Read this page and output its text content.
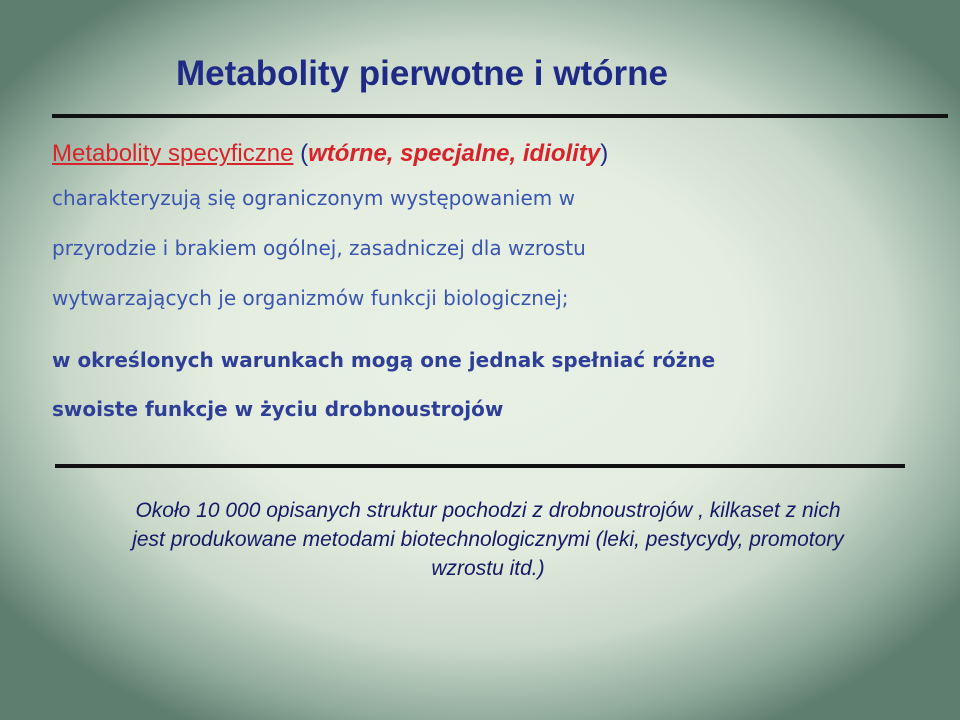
Metabolity pierwotne i wtórne
Metabolity specyficzne (wtórne, specjalne, idiolity)
charakteryzują się ograniczonym występowaniem w
przyrodzie i brakiem ogólnej, zasadniczej dla wzrostu
wytwarzających je organizmów funkcji biologicznej;
w określonych warunkach mogą one jednak spełniać różne
swoiste funkcje w życiu drobnoustrojów
Około 10 000 opisanych struktur pochodzi z drobnoustrojów , kilkaset z nich
jest produkowane metodami biotechnologicznymi (leki, pestycydy, promotory
wzrostu itd.)
